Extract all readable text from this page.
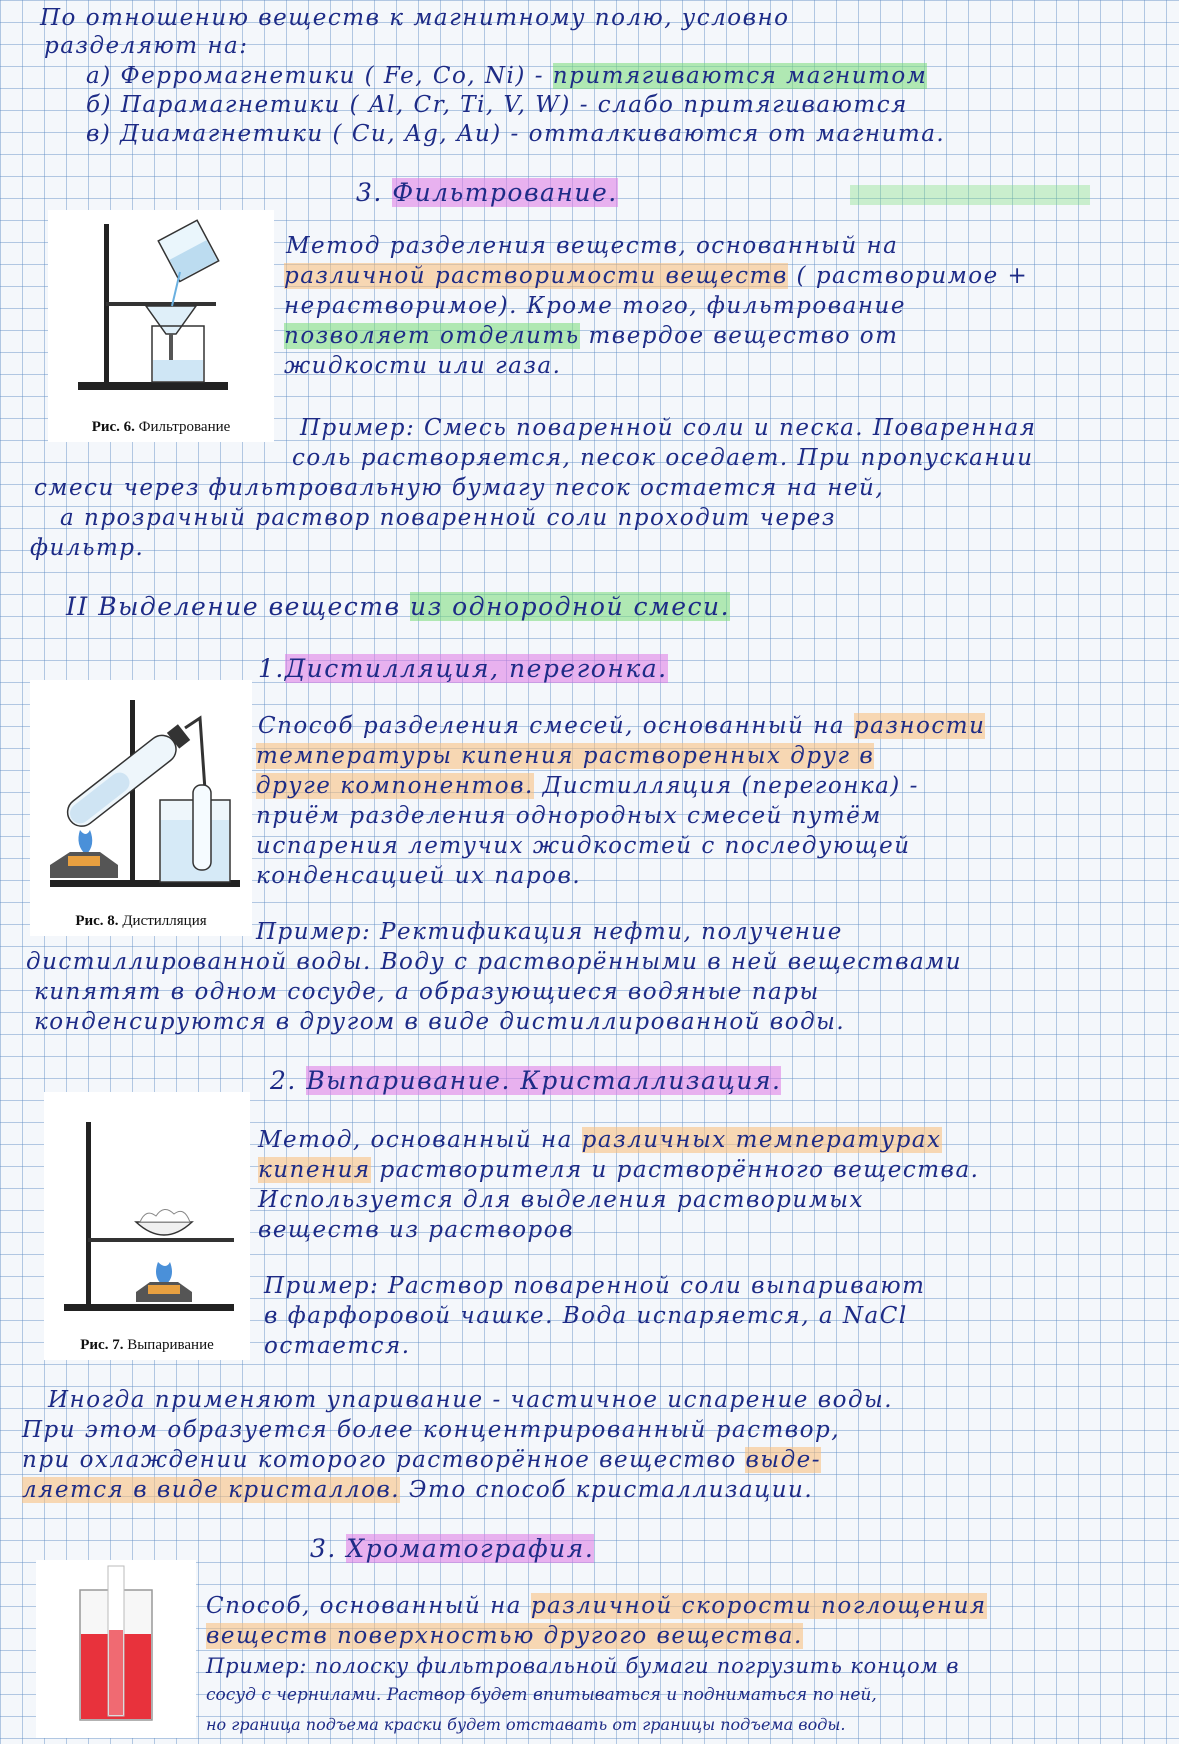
По отношению веществ к магнитному полю, условно
разделяют на:
а) Ферромагнетики ( Fe, Co, Ni) - притягиваются магнитом
б) Парамагнетики ( Al, Cr, Ti, V, W) - слабо притягиваются
в) Диамагнетики ( Cu, Ag, Au) - отталкиваются от магнита.
3. Фильтрование.
Рис. 6. Фильтрование
Метод разделения веществ, основанный на
различной растворимости веществ ( растворимое +
нерастворимое). Кроме того, фильтрование
позволяет отделить твердое вещество от
жидкости или газа.
Пример: Смесь поваренной соли и песка. Поваренная
соль растворяется, песок оседает. При пропускании
смеси через фильтровальную бумагу песок остается на ней,
а прозрачный раствор поваренной соли проходит через
фильтр.
II Выделение веществ из однородной смеси.
1.Дистилляция, перегонка.
Рис. 8. Дистилляция
Способ разделения смесей, основанный на разности
температуры кипения растворенных друг в
друге компонентов. Дистилляция (перегонка) -
приём разделения однородных смесей путём
испарения летучих жидкостей с последующей
конденсацией их паров.
Пример: Ректификация нефти, получение
дистиллированной воды. Воду с растворёнными в ней веществами
кипятят в одном сосуде, а образующиеся водяные пары
конденсируются в другом в виде дистиллированной воды.
2. Выпаривание. Кристаллизация.
Рис. 7. Выпаривание
Метод, основанный на различных температурах
кипения растворителя и растворённого вещества.
Используется для выделения растворимых
веществ из растворов
Пример: Раствор поваренной соли выпаривают
в фарфоровой чашке. Вода испаряется, а NaCl
остается.
Иногда применяют упаривание - частичное испарение воды.
При этом образуется более концентрированный раствор,
при охлаждении которого растворённое вещество выде-
ляется в виде кристаллов. Это способ кристаллизации.
3. Хроматография.
Способ, основанный на различной скорости поглощения
веществ поверхностью другого вещества.
Пример: полоску фильтровальной бумаги погрузить концом в
сосуд с чернилами. Раствор будет впитываться и подниматься по ней,
но граница подъема краски будет отставать от границы подъема воды.
